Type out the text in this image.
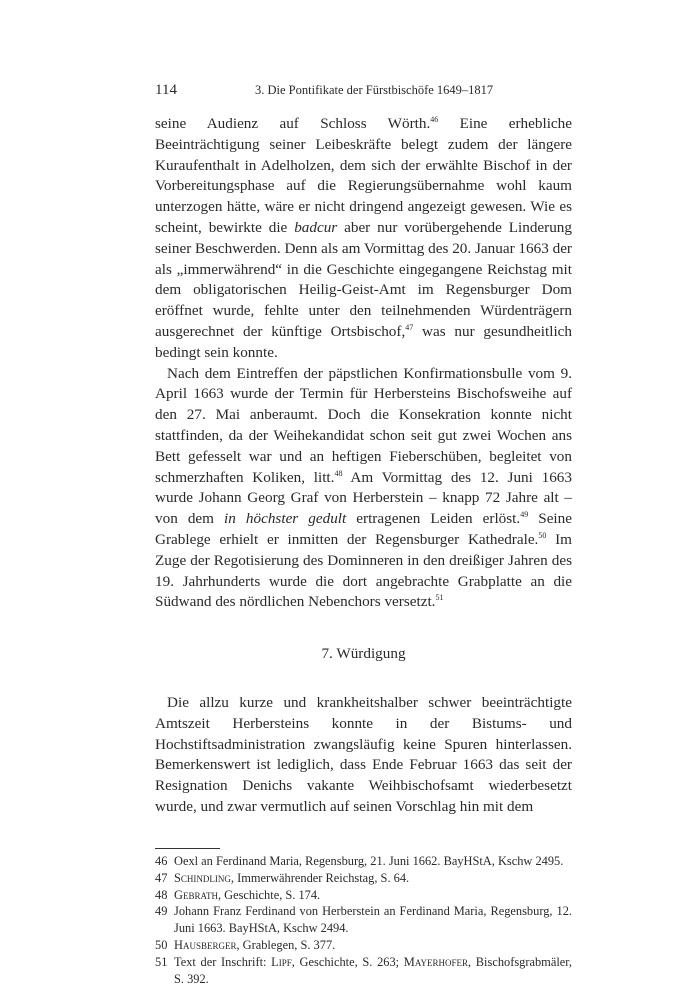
114	3. Die Pontifikate der Fürstbischöfe 1649–1817

seine Audienz auf Schloss Wörth.$^{46}$ Eine erhebliche Beeinträchtigung seiner Leibeskräfte belegt zudem der längere Kuraufenthalt in Adelholzen, dem sich der erwählte Bischof in der Vorbereitungsphase auf die Regierungsübernahme wohl kaum unterzogen hätte, wäre er nicht dringend angezeigt gewesen. Wie es scheint, bewirkte die badcur aber nur vorübergehende Linderung seiner Beschwerden. Denn als am Vormittag des 20. Januar 1663 der als „immerwährend“ in die Geschichte eingegangene Reichstag mit dem obligatorischen Heilig-Geist-Amt im Regensburger Dom eröffnet wurde, fehlte unter den teilnehmenden Würdenträgern ausgerechnet der künftige Ortsbischof,$^{47}$ was nur gesundheitlich bedingt sein konnte.

Nach dem Eintreffen der päpstlichen Konfirmationsbulle vom 9. April 1663 wurde der Termin für Herbersteins Bischofsweihe auf den 27. Mai anberaumt. Doch die Konsekration konnte nicht stattfinden, da der Weihekandidat schon seit gut zwei Wochen ans Bett gefesselt war und an heftigen Fieberschüben, begleitet von schmerzhaften Koliken, litt.$^{48}$ Am Vormittag des 12. Juni 1663 wurde Johann Georg Graf von Herberstein – knapp 72 Jahre alt – von dem in höchster gedult ertragenen Leiden erlöst.$^{49}$ Seine Grablege erhielt er inmitten der Regensburger Kathedrale.$^{50}$ Im Zuge der Regotisierung des Dominneren in den dreißiger Jahren des 19. Jahrhunderts wurde die dort angebrachte Grabplatte an die Südwand des nördlichen Nebenchors versetzt.$^{51}$

7. Würdigung

Die allzu kurze und krankheitshalber schwer beeinträchtigte Amtszeit Herbersteins konnte in der Bistums- und Hochstiftsadministration zwangsläufig keine Spuren hinterlassen. Bemerkenswert ist lediglich, dass Ende Februar 1663 das seit der Resignation Denichs vakante Weihbischofsamt wiederbesetzt wurde, und zwar vermutlich auf seinen Vorschlag hin mit dem

46 Oexl an Ferdinand Maria, Regensburg, 21. Juni 1662. BayHStA, Kschw 2495.
47 Schindling, Immerwährender Reichstag, S. 64.
48 Gebrath, Geschichte, S. 174.
49 Johann Franz Ferdinand von Herberstein an Ferdinand Maria, Regensburg, 12. Juni 1663. BayHStA, Kschw 2494.
50 Hausberger, Grablegen, S. 377.
51 Text der Inschrift: Lipf, Geschichte, S. 263; Mayerhofer, Bischofsgrabmäler, S. 392.
